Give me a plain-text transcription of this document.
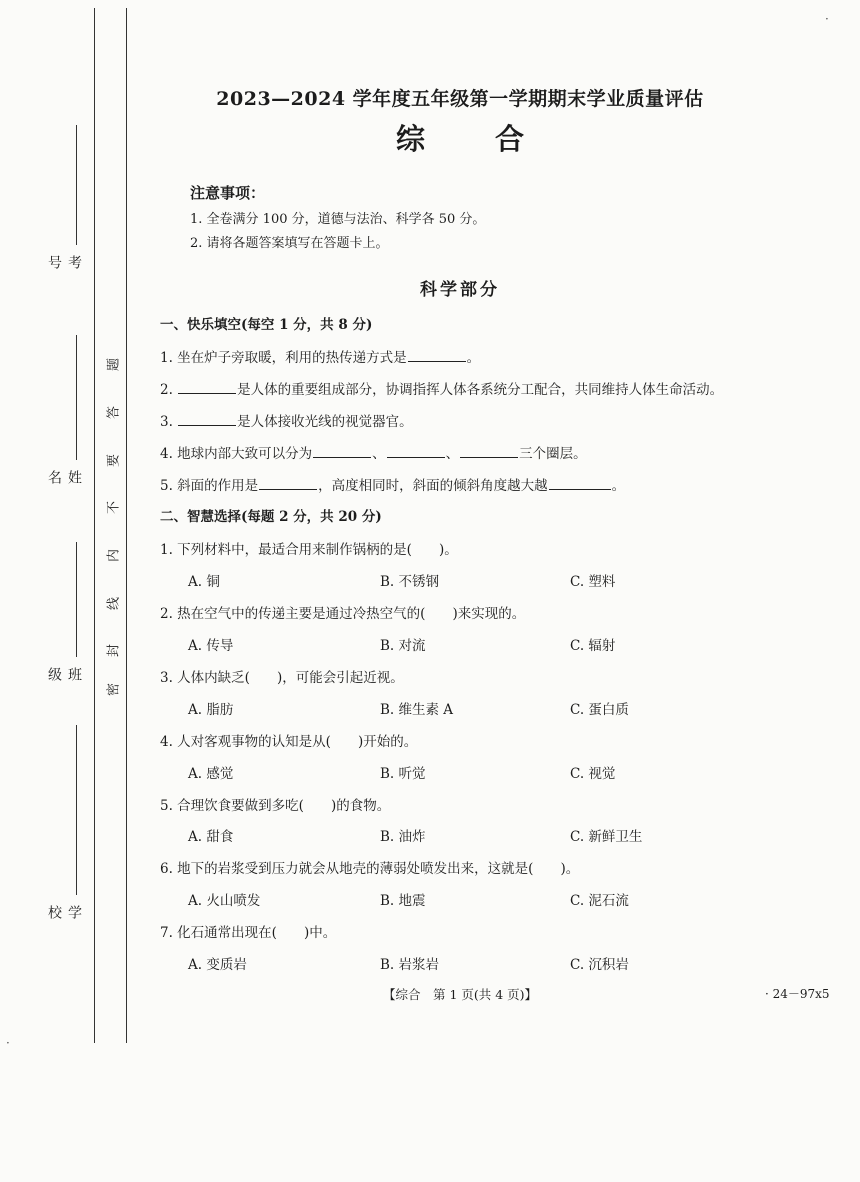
考号
姓名
班级
学校
题
答
要
不
内
线
封
密
·
·
2023—2024 学年度五年级第一学期期末学业质量评估
综合
注意事项：
1. 全卷满分 100 分，道德与法治、科学各 50 分。
2. 请将各题答案填写在答题卡上。
科学部分
一、快乐填空(每空 1 分，共 8 分)
1. 坐在炉子旁取暖，利用的热传递方式是	。
2.	是人体的重要组成部分，协调指挥人体各系统分工配合，共同维持人体生命活动。
3.	是人体接收光线的视觉器官。
4. 地球内部大致可以分为	、	、	三个圈层。
5. 斜面的作用是	，高度相同时，斜面的倾斜角度越大越	。
二、智慧选择(每题 2 分，共 20 分)
1. 下列材料中，最适合用来制作锅柄的是(　　)。
A. 铜	B. 不锈钢	C. 塑料
2. 热在空气中的传递主要是通过冷热空气的(　　)来实现的。
A. 传导	B. 对流	C. 辐射
3. 人体内缺乏(　　)，可能会引起近视。
A. 脂肪	B. 维生素 A	C. 蛋白质
4. 人对客观事物的认知是从(　　)开始的。
A. 感觉	B. 听觉	C. 视觉
5. 合理饮食要做到多吃(　　)的食物。
A. 甜食	B. 油炸	C. 新鲜卫生
6. 地下的岩浆受到压力就会从地壳的薄弱处喷发出来，这就是(　　)。
A. 火山喷发	B. 地震	C. 泥石流
7. 化石通常出现在(　　)中。
A. 变质岩	B. 岩浆岩	C. 沉积岩
【综合　第 1 页(共 4 页)】	· 24－97x5
